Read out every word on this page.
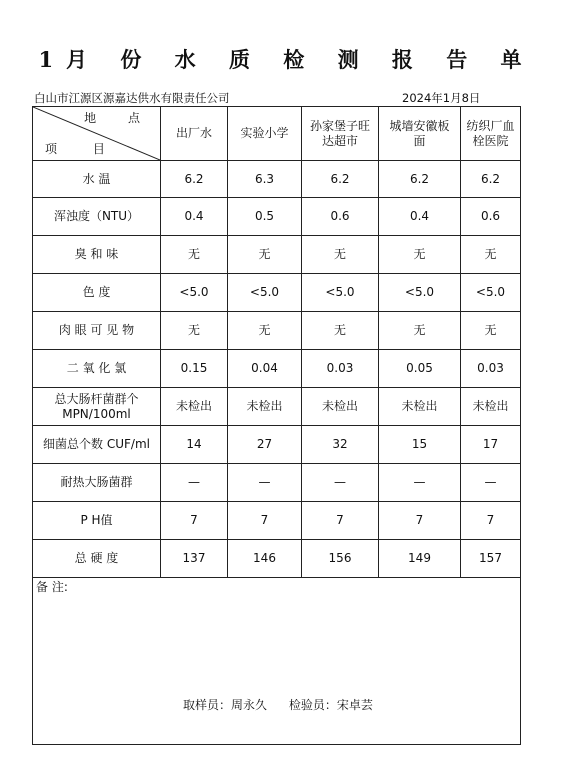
1月 份 水 质 检 测 报 告 单
白山市江源区源嘉达供水有限责任公司	2024年1月8日
地 点
项 目	出厂水	实验小学	孙家堡子旺达超市	城墙安徽板面	纺织厂血栓医院
水 温	6.2	6.3	6.2	6.2	6.2
浑浊度（NTU）	0.4	0.5	0.6	0.4	0.6
臭 和 味	无	无	无	无	无
色 度	<5.0	<5.0	<5.0	<5.0	<5.0
肉 眼 可 见 物	无	无	无	无	无
二 氧 化 氯	0.15	0.04	0.03	0.05	0.03
总大肠杆菌群个MPN/100ml	未检出	未检出	未检出	未检出	未检出
细菌总个数 CUF/ml	14	27	32	15	17
耐热大肠菌群	—	—	—	—	—
P H值	7	7	7	7	7
总 硬 度	137	146	156	149	157

备 注:
取样员：周永久 检验员：宋卓芸					
